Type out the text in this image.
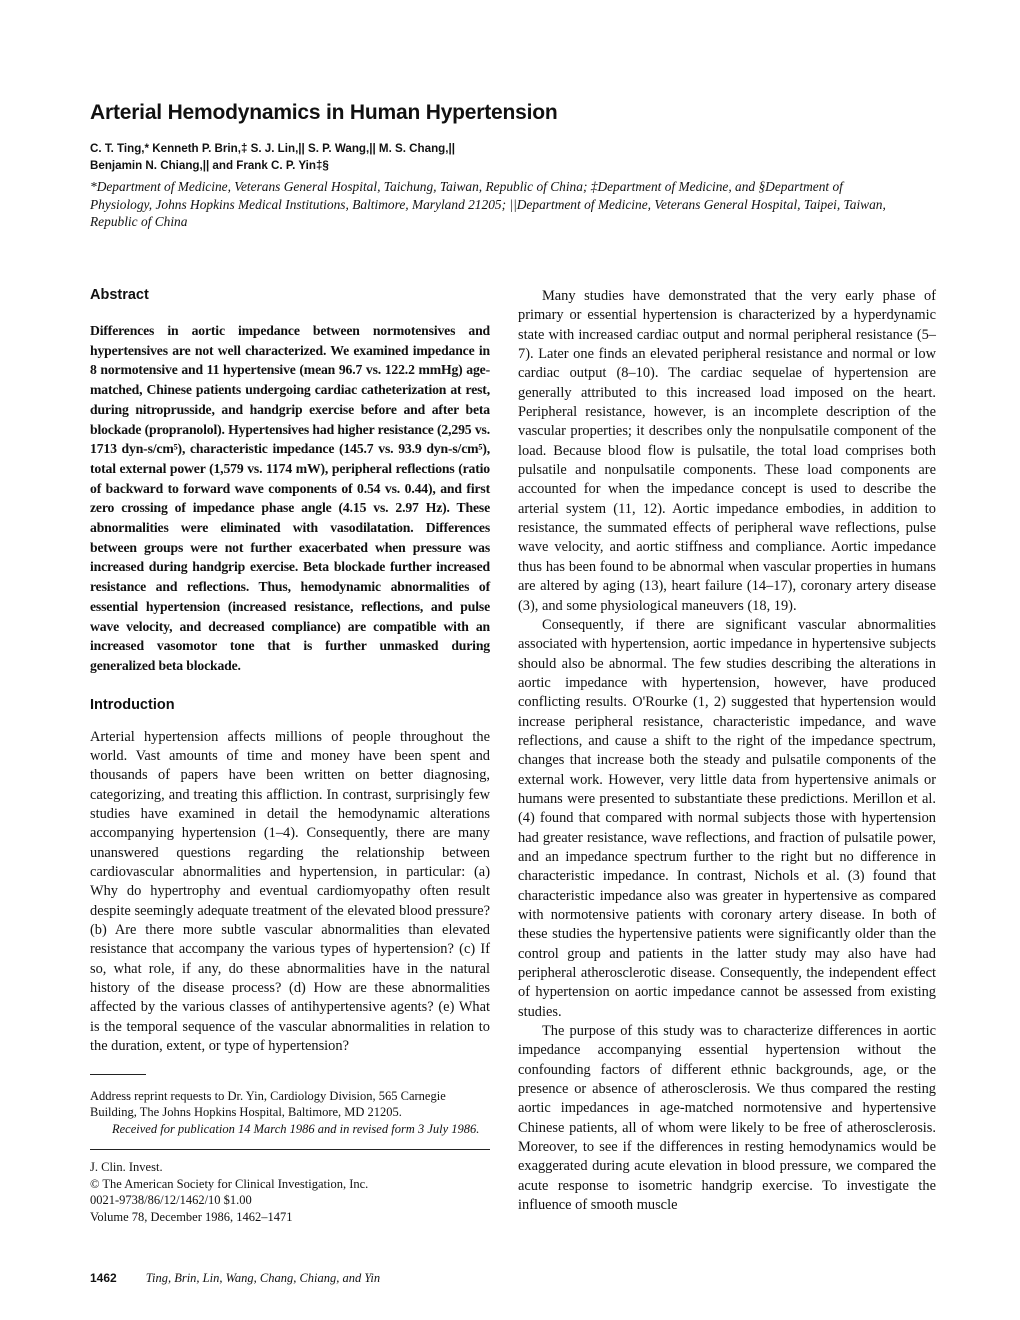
Arterial Hemodynamics in Human Hypertension
C. T. Ting,* Kenneth P. Brin,‡ S. J. Lin,|| S. P. Wang,|| M. S. Chang,||
Benjamin N. Chiang,|| and Frank C. P. Yin‡§
*Department of Medicine, Veterans General Hospital, Taichung, Taiwan, Republic of China; ‡Department of Medicine, and §Department of Physiology, Johns Hopkins Medical Institutions, Baltimore, Maryland 21205; ||Department of Medicine, Veterans General Hospital, Taipei, Taiwan, Republic of China
Abstract

Differences in aortic impedance between normotensives and hypertensives are not well characterized. We examined impedance in 8 normotensive and 11 hypertensive (mean 96.7 vs. 122.2 mmHg) age-matched, Chinese patients undergoing cardiac catheterization at rest, during nitroprusside, and handgrip exercise before and after beta blockade (propranolol). Hypertensives had higher resistance (2,295 vs. 1713 dyn-s/cm⁵), characteristic impedance (145.7 vs. 93.9 dyn-s/cm⁵), total external power (1,579 vs. 1174 mW), peripheral reflections (ratio of backward to forward wave components of 0.54 vs. 0.44), and first zero crossing of impedance phase angle (4.15 vs. 2.97 Hz). These abnormalities were eliminated with vasodilatation. Differences between groups were not further exacerbated when pressure was increased during handgrip exercise. Beta blockade further increased resistance and reflections. Thus, hemodynamic abnormalities of essential hypertension (increased resistance, reflections, and pulse wave velocity, and decreased compliance) are compatible with an increased vasomotor tone that is further unmasked during generalized beta blockade.

Introduction

Arterial hypertension affects millions of people throughout the world. Vast amounts of time and money have been spent and thousands of papers have been written on better diagnosing, categorizing, and treating this affliction. In contrast, surprisingly few studies have examined in detail the hemodynamic alterations accompanying hypertension (1–4). Consequently, there are many unanswered questions regarding the relationship between cardiovascular abnormalities and hypertension, in particular: (a) Why do hypertrophy and eventual cardiomyopathy often result despite seemingly adequate treatment of the elevated blood pressure? (b) Are there more subtle vascular abnormalities than elevated resistance that accompany the various types of hypertension? (c) If so, what role, if any, do these abnormalities have in the natural history of the disease process? (d) How are these abnormalities affected by the various classes of antihypertensive agents? (e) What is the temporal sequence of the vascular abnormalities in relation to the duration, extent, or type of hypertension?

Address reprint requests to Dr. Yin, Cardiology Division, 565 Carnegie Building, The Johns Hopkins Hospital, Baltimore, MD 21205.
Received for publication 14 March 1986 and in revised form 3 July 1986.
J. Clin. Invest.
© The American Society for Clinical Investigation, Inc.
0021-9738/86/12/1462/10 $1.00
Volume 78, December 1986, 1462–1471

Many studies have demonstrated that the very early phase of primary or essential hypertension is characterized by a hyperdynamic state with increased cardiac output and normal peripheral resistance (5–7). Later one finds an elevated peripheral resistance and normal or low cardiac output (8–10). The cardiac sequelae of hypertension are generally attributed to this increased load imposed on the heart. Peripheral resistance, however, is an incomplete description of the vascular properties; it describes only the nonpulsatile component of the load. Because blood flow is pulsatile, the total load comprises both pulsatile and nonpulsatile components. These load components are accounted for when the impedance concept is used to describe the arterial system (11, 12). Aortic impedance embodies, in addition to resistance, the summated effects of peripheral wave reflections, pulse wave velocity, and aortic stiffness and compliance. Aortic impedance thus has been found to be abnormal when vascular properties in humans are altered by aging (13), heart failure (14–17), coronary artery disease (3), and some physiological maneuvers (18, 19).

Consequently, if there are significant vascular abnormalities associated with hypertension, aortic impedance in hypertensive subjects should also be abnormal. The few studies describing the alterations in aortic impedance with hypertension, however, have produced conflicting results. O'Rourke (1, 2) suggested that hypertension would increase peripheral resistance, characteristic impedance, and wave reflections, and cause a shift to the right of the impedance spectrum, changes that increase both the steady and pulsatile components of the external work. However, very little data from hypertensive animals or humans were presented to substantiate these predictions. Merillon et al. (4) found that compared with normal subjects those with hypertension had greater resistance, wave reflections, and fraction of pulsatile power, and an impedance spectrum further to the right but no difference in characteristic impedance. In contrast, Nichols et al. (3) found that characteristic impedance also was greater in hypertensive as compared with normotensive patients with coronary artery disease. In both of these studies the hypertensive patients were significantly older than the control group and patients in the latter study may also have had peripheral atherosclerotic disease. Consequently, the independent effect of hypertension on aortic impedance cannot be assessed from existing studies.

The purpose of this study was to characterize differences in aortic impedance accompanying essential hypertension without the confounding factors of different ethnic backgrounds, age, or the presence or absence of atherosclerosis. We thus compared the resting aortic impedances in age-matched normotensive and hypertensive Chinese patients, all of whom were likely to be free of atherosclerosis. Moreover, to see if the differences in resting hemodynamics would be exaggerated during acute elevation in blood pressure, we compared the acute response to isometric handgrip exercise. To investigate the influence of smooth muscle

1462 Ting, Brin, Lin, Wang, Chang, Chiang, and Yin
